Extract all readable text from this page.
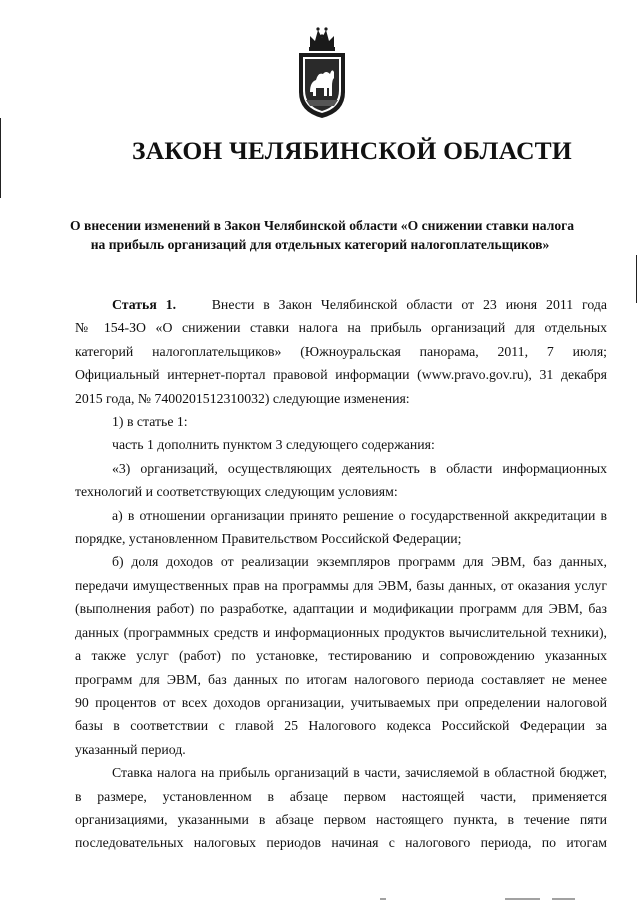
ЗАКОН ЧЕЛЯБИНСКОЙ ОБЛАСТИ
О внесении изменений в Закон Челябинской области «О снижении ставки налога
на прибыль организаций для отдельных категорий налогоплательщиков»

Статья 1.	Внести в Закон Челябинской области от 23 июня 2011 года

№ 154-ЗО «О снижении ставки налога на прибыль организаций для отдельных

категорий налогоплательщиков» (Южноуральская панорама, 2011, 7 июля;

Официальный интернет-портал правовой информации (www.pravo.gov.ru), 31 декабря

2015 года, № 7400201512310032) следующие изменения:

1) в статье 1:

часть 1 дополнить пунктом 3 следующего содержания:

«3) организаций, осуществляющих деятельность в области информационных

технологий и соответствующих следующим условиям:

а) в отношении организации принято решение о государственной аккредитации в

порядке, установленном Правительством Российской Федерации;

б) доля доходов от реализации экземпляров программ для ЭВМ, баз данных,

передачи имущественных прав на программы для ЭВМ, базы данных, от оказания услуг

(выполнения работ) по разработке, адаптации и модификации программ для ЭВМ, баз

данных (программных средств и информационных продуктов вычислительной техники),

а также услуг (работ) по установке, тестированию и сопровождению указанных

программ для ЭВМ, баз данных по итогам налогового периода составляет не менее

90 процентов от всех доходов организации, учитываемых при определении налоговой

базы в соответствии с главой 25 Налогового кодекса Российской Федерации за

указанный период.

Ставка налога на прибыль организаций в части, зачисляемой в областной бюджет,

в размере, установленном в абзаце первом настоящей части, применяется

организациями, указанными в абзаце первом настоящего пункта, в течение пяти

последовательных налоговых периодов начиная с налогового периода, по итогам
